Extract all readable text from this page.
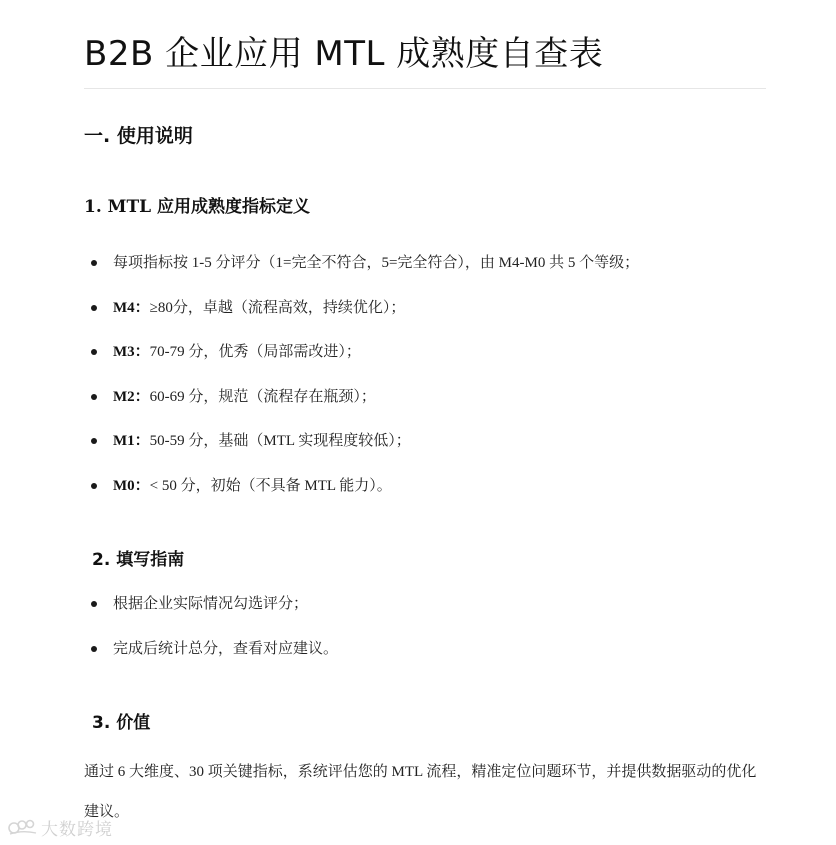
B2B 企业应用 MTL 成熟度自查表
一. 使用说明
1. MTL 应用成熟度指标定义
每项指标按 1-5 分评分（1=完全不符合，5=完全符合），由 M4-M0 共 5 个等级；
M4：≥80分，卓越（流程高效，持续优化）；
M3：70-79 分，优秀（局部需改进）；
M2：60-69 分，规范（流程存在瓶颈）；
M1：50-59 分，基础（MTL 实现程度较低）；
M0：< 50 分，初始（不具备 MTL 能力）。
2. 填写指南
根据企业实际情况勾选评分；
完成后统计总分，查看对应建议。
3. 价值

通过 6 大维度、30 项关键指标，系统评估您的 MTL 流程，精准定位问题环节，并提供数据驱动的优化建议。

大数跨境
